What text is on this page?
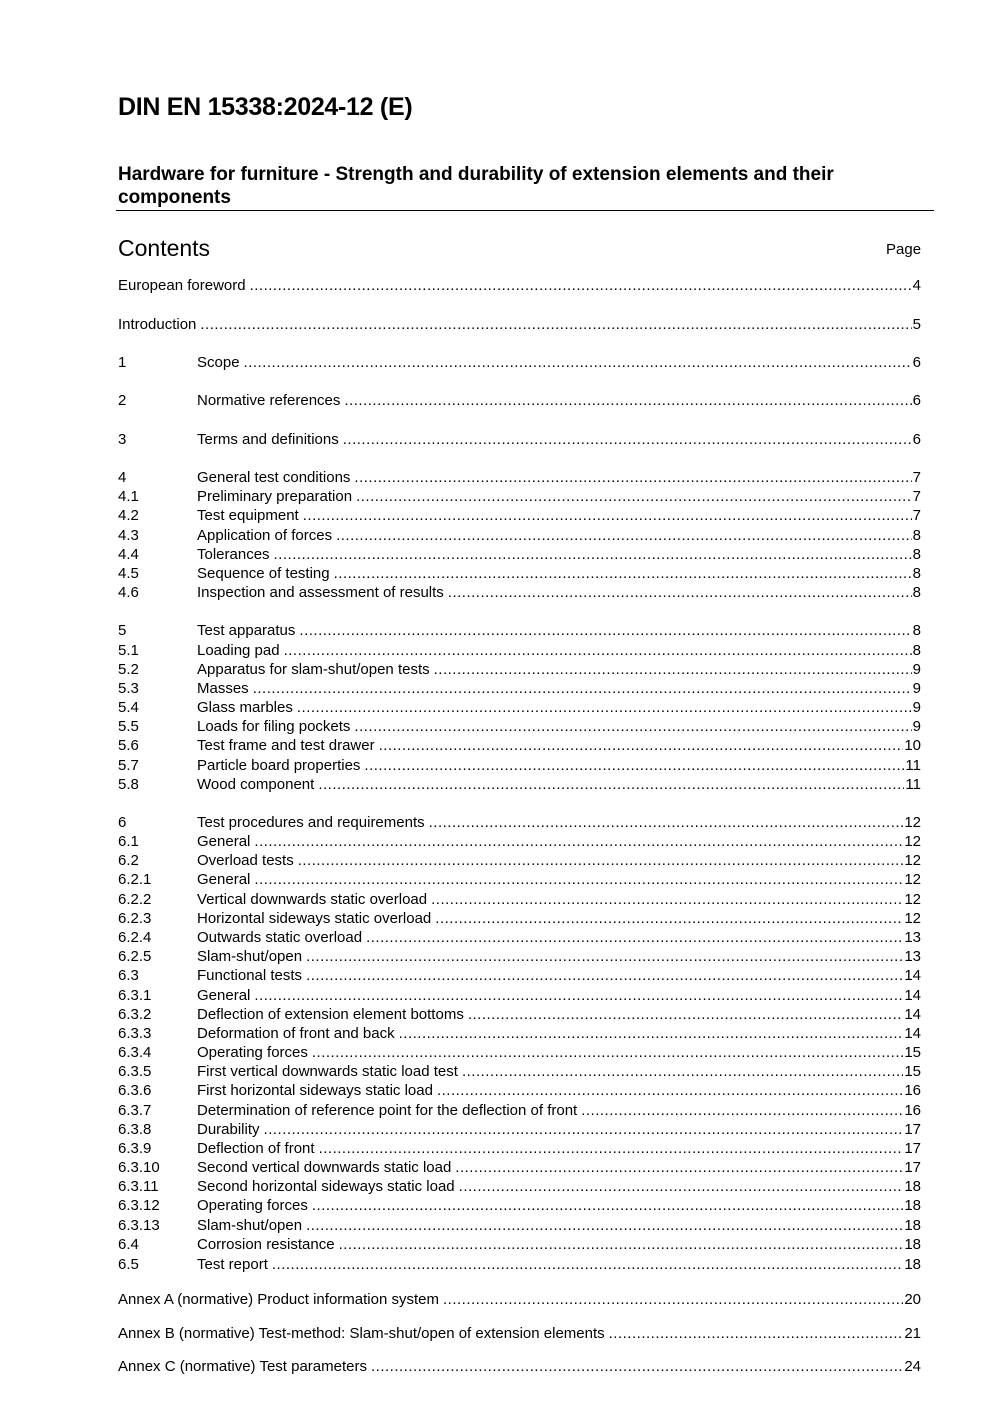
DIN EN 15338:2024-12 (E)
Hardware for furniture - Strength and durability of extension elements and their components
Contents	Page
European foreword .....	4
Introduction .....	5
1	Scope .....	6
2	Normative references .....	6
3	Terms and definitions .....	6
4	General test conditions .....	7
4.1	Preliminary preparation .....	7
4.2	Test equipment .....	7
4.3	Application of forces .....	8
4.4	Tolerances .....	8
4.5	Sequence of testing .....	8
4.6	Inspection and assessment of results .....	8
5	Test apparatus .....	8
5.1	Loading pad .....	8
5.2	Apparatus for slam-shut/open tests .....	9
5.3	Masses .....	9
5.4	Glass marbles .....	9
5.5	Loads for filing pockets .....	9
5.6	Test frame and test drawer .....	10
5.7	Particle board properties .....	11
5.8	Wood component .....	11
6	Test procedures and requirements .....	12
6.1	General .....	12
6.2	Overload tests .....	12
6.2.1	General .....	12
6.2.2	Vertical downwards static overload .....	12
6.2.3	Horizontal sideways static overload .....	12
6.2.4	Outwards static overload .....	13
6.2.5	Slam-shut/open .....	13
6.3	Functional tests .....	14
6.3.1	General .....	14
6.3.2	Deflection of extension element bottoms .....	14
6.3.3	Deformation of front and back .....	14
6.3.4	Operating forces .....	15
6.3.5	First vertical downwards static load test .....	15
6.3.6	First horizontal sideways static load .....	16
6.3.7	Determination of reference point for the deflection of front .....	16
6.3.8	Durability .....	17
6.3.9	Deflection of front .....	17
6.3.10	Second vertical downwards static load .....	17
6.3.11	Second horizontal sideways static load .....	18
6.3.12	Operating forces .....	18
6.3.13	Slam-shut/open .....	18
6.4	Corrosion resistance .....	18
6.5	Test report .....	18
Annex A (normative) Product information system .....	20
Annex B (normative) Test-method: Slam-shut/open of extension elements .....	21
Annex C (normative) Test parameters .....	24
